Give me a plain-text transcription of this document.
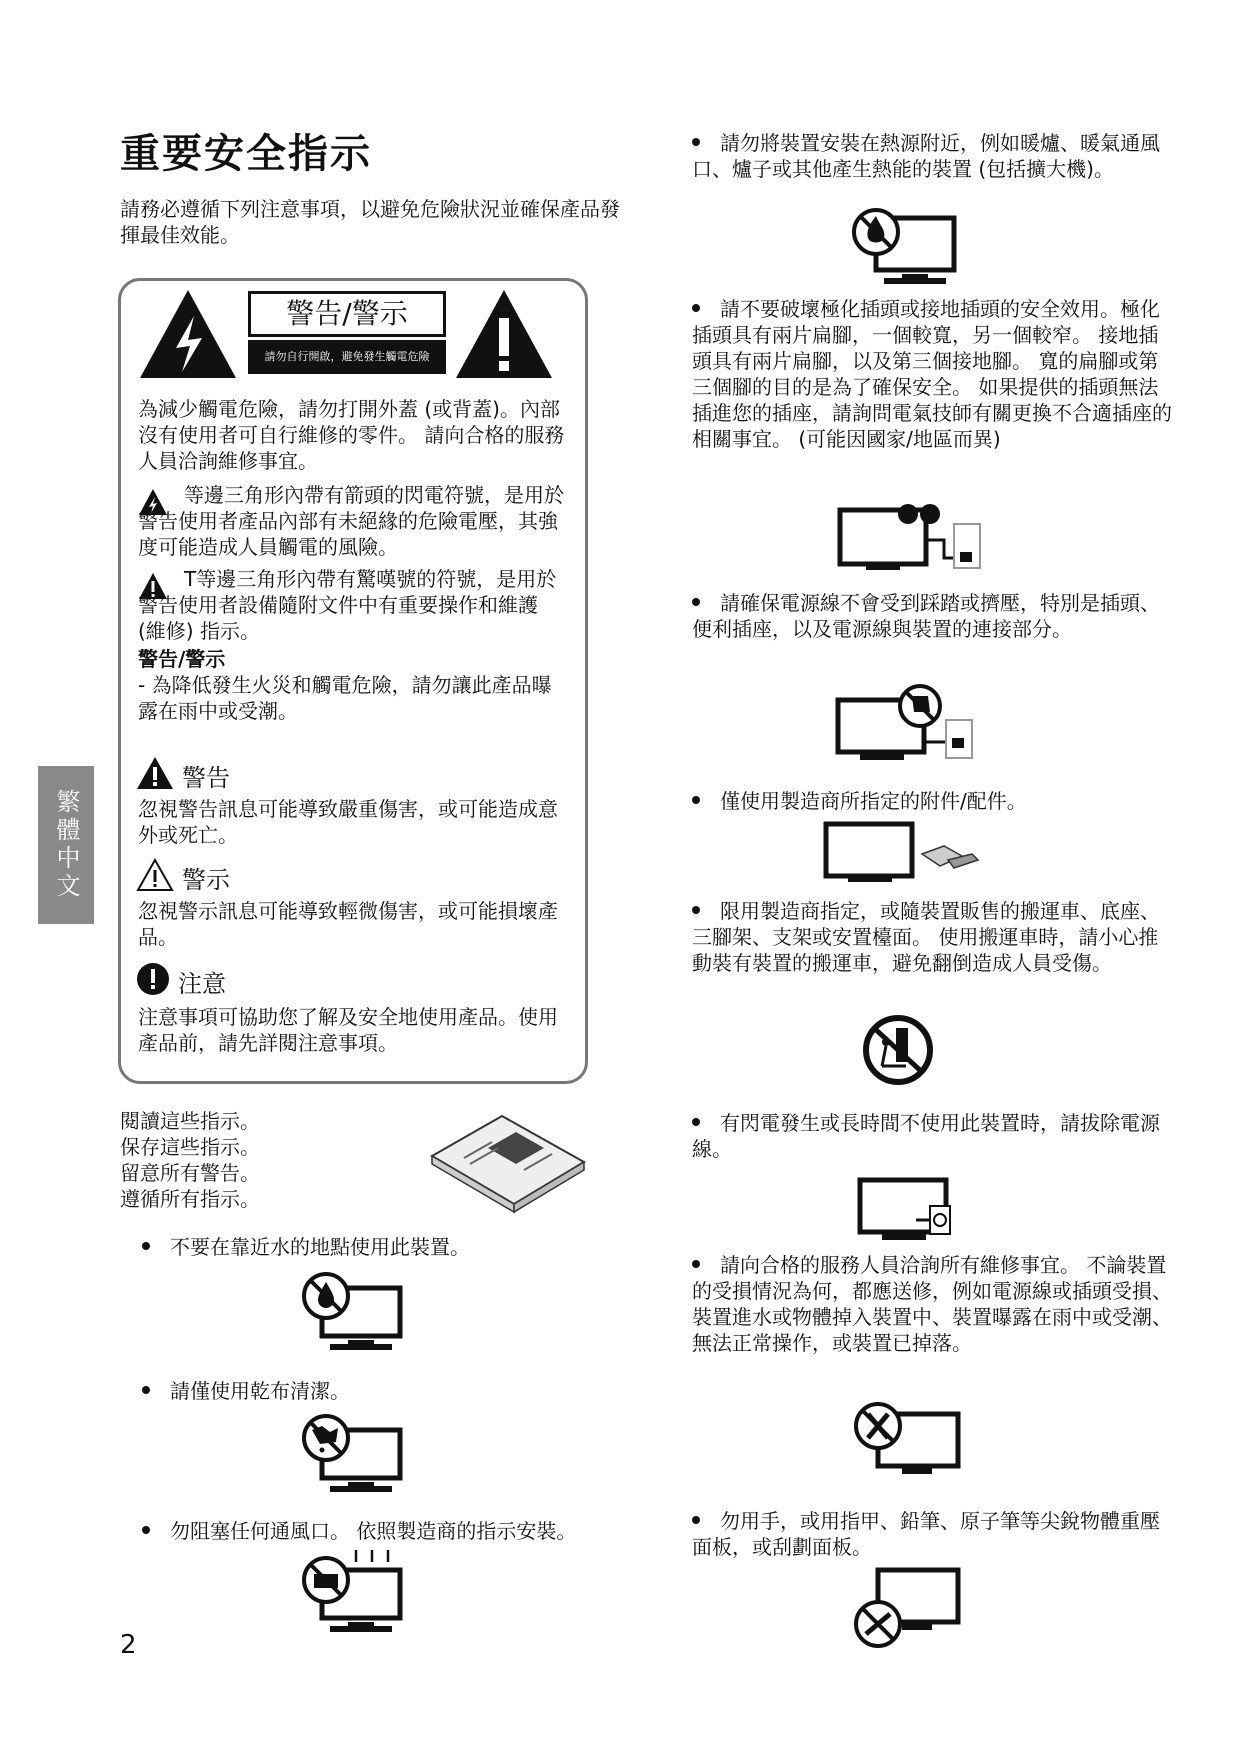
重要安全指示
請務必遵循下列注意事項，以避免危險狀況並確保產品發揮最佳效能。
警告/警示
請勿自行開啟，避免發生觸電危險
為減少觸電危險，請勿打開外蓋 (或背蓋)。內部沒有使用者可自行維修的零件。 請向合格的服務人員洽詢維修事宜。
等邊三角形內帶有箭頭的閃電符號，是用於警告使用者產品內部有未絕緣的危險電壓，其強度可能造成人員觸電的風險。
T等邊三角形內帶有驚嘆號的符號，是用於警告使用者設備隨附文件中有重要操作和維護 (維修) 指示。
警告/警示
- 為降低發生火災和觸電危險，請勿讓此產品曝露在雨中或受潮。
警告
忽視警告訊息可能導致嚴重傷害，或可能造成意外或死亡。
警示
忽視警示訊息可能導致輕微傷害，或可能損壞產品。
注意
注意事項可協助您了解及安全地使用產品。使用產品前，請先詳閱注意事項。
繁體中文
閱讀這些指示。
保存這些指示。
留意所有警告。
遵循所有指示。
不要在靠近水的地點使用此裝置。
請僅使用乾布清潔。
勿阻塞任何通風口。 依照製造商的指示安裝。
請勿將裝置安裝在熱源附近，例如暖爐、暖氣通風口、爐子或其他產生熱能的裝置 (包括擴大機)。
請不要破壞極化插頭或接地插頭的安全效用。極化插頭具有兩片扁腳，一個較寬，另一個較窄。 接地插頭具有兩片扁腳，以及第三個接地腳。 寬的扁腳或第三個腳的目的是為了確保安全。 如果提供的插頭無法插進您的插座，請詢問電氣技師有關更換不合適插座的相關事宜。 (可能因國家/地區而異)
請確保電源線不會受到踩踏或擠壓，特別是插頭、便利插座，以及電源線與裝置的連接部分。
僅使用製造商所指定的附件/配件。
限用製造商指定，或隨裝置販售的搬運車、底座、三腳架、支架或安置檯面。 使用搬運車時，請小心推動裝有裝置的搬運車，避免翻倒造成人員受傷。
有閃電發生或長時間不使用此裝置時，請拔除電源線。
請向合格的服務人員洽詢所有維修事宜。 不論裝置的受損情況為何，都應送修，例如電源線或插頭受損、裝置進水或物體掉入裝置中、裝置曝露在雨中或受潮、無法正常操作，或裝置已掉落。
勿用手，或用指甲、鉛筆、原子筆等尖銳物體重壓面板，或刮劃面板。
2
